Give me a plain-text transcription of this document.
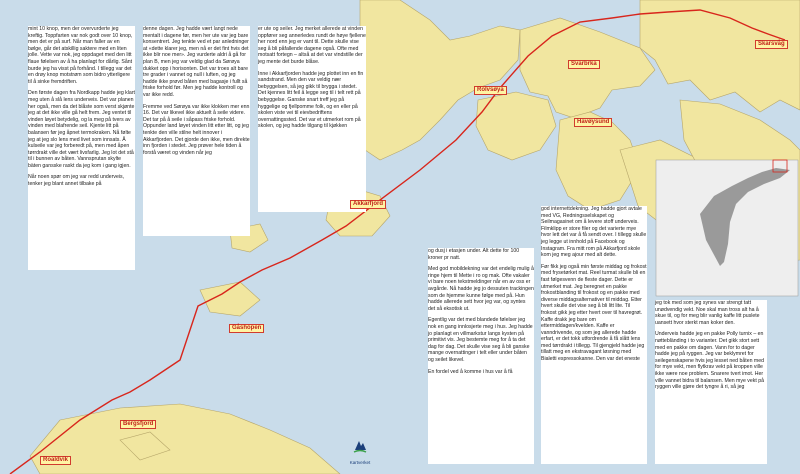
mint 10 knop, men der overvurderte jeg kreftig. Toppfarten var nok godt over 10 knop, men det er på surf. Når man faller av en bølge, går det atskillig saktere med en liten jolle. Vette var nok, jeg oppdaget med den litt flaue følelsen av å ha planlagt for dårlig. Sånt burde jeg ha visst på forhånd. I tillegg var det en drøy knop motstrøm som bidro ytterligere til å sinke fremdriften.

Den første dagen fra Nordkapp hadde jeg klart meg uten å slå lens underveis. Det var planen her også, men da det blåste som verst skjønte jeg at det ikke ville gå helt frem. Jeg ventet til vinden løyet betydelig, og la meg på tvers av vinden med blafrende seil. Kjente litt på balansen før jeg åpnet termokraken. Nå følte jeg at jeg slo lens med livet som innsats. Å kulseile var jeg forberedt på, men med åpen tørrdrakt ville det vært livsfarlig. Jeg lot det stå til i bunnen av båten. Vannsprutan skylte bäten gansske raskt da jeg kom i gang igjen.

Når noen spør om jeg var redd underveis, tenker jeg blant annet tilbake på

denne dagen. Jeg hadde vært langt nede mentalt i dagene før, men her ute var jeg bare konsentrert. Jeg tenkte ved et par anledninger at «dette klarer jeg, men nå er det fint hvis det ikke blir noe mer». Jeg vurderte aldri å gå for plan B, men jeg var veldig glad da Sørøya dukket opp i horisonten. Det var troes alt bare tre grader i vannet og null i luften, og jeg hadde ikke prøvd båten med bagasje i fullt så friske forhold før. Men jeg hadde kontroll og var ikke redd.

Fremme ved Sørøya var ikke klokken mer enn 16. Det var likevel ikke aktuelt å seile videre. Det tar på å seile i såpass friske forhold. Oppunder land løyet vinden litt etter litt, og jeg tenkte den ville stilne helt innover i Akkarfjorden. Det gjorde den ikke, men direkte inn fjorden i stedet. Jeg prøver hele tiden å forstå været og vinden når jeg

er ute og seiler. Jeg merket allerede at vinden oppfører seg annerledes rundt de høye fjellene her nord enn jeg er vant til. Dette skulle vise seg å bli påfallende dagene også. Ofte med motsatt fortegn – altså at det var vindstille der jeg mente det burde blåse.

Inne i Akkarfjorden hadde jeg plottet inn en fin sandstrand. Men den var veldig nær bebyggelsen, så jeg gikk til brygga i stedet. Det kjennes litt feil å legge seg til i telt rett på bebyggelse. Ganske snart treff jeg på hyggelige og fjellpomme folk, og en eller på skolen viste vei til eievbedriftens overnattingssted. Det var et utmerket rom på skolen, og jeg hadde tilgang til kjøkken

og dusj i etasjen under. Alt dette for 100 kroner pr natt.

Med god mobildekning var det endelig mulig å ringe hjem til Mette i ro og mak. Ofte vakaler vi bare noen tekstmeldinger når en av oss er avgårde. Nå hadde jeg jo dessuten trackingen som de hjemme kunne følge med på. Hun hadde allerede sett hvor jeg var, og syntes det så eksotisk ut.

Egentlig var det med blandede følelser jeg nok en gang innlosjerte meg i hus. Jeg hadde jo planlagt en villmarkstur langs kysten på primitivt vis. Jeg bestemte meg for å ta det dag for dag. Det skulle vise seg å bli ganske mange overnattinger i telt eller under båten og seilet likevel.

En fordel ved å komme i hus var å få

god internettdekning. Jeg hadde gjort avtale med VG, Redningsselskapet og Seilmagasinet om å levere stoff underveis. Filmklipp er store filer og det varierte mye hvor lett det var å få sendt over. I tillegg skulle jeg legge ut innhold på Facebook og Instagram. Fra mitt rom på Akkarfjord skole kom jeg meg ajour med alt dette.

Før fikk jeg også min første middag og frokost med frysetørket mat. Reel turmat skulle bli en fast følgesvenn de fleste dager. Dette er utmerket mat. Jeg beregnet en pakke frokostblanding til frokost og en pakke med diverse middagsalternativer til middag. Etter hvert skulle det vise seg å bli litt lite. Til frokost gikk jeg etter hvert over til havregrøt. Kaffe drakk jeg bare om ettermiddagen/kvelden. Kaffe er vanndrivende, og som jeg allerede hadde erfart, er det tokk utfordrende å få slått lens med tørrdrakt i tillegg. Til gjengjeld hadde jeg tillatt meg en ekstravagant løsning med Bialetti espressokanne. Den var det eneste

jeg tok med som jeg synes var strengt tatt unødvendig vekt. Noe skal man tross alt ha å skue til, og for meg blir vanlig kaffe litt puslete uansett hvor sterkt man koker den.

Underveis hadde jeg en pakke Polly turnix – en nøttebländing i to varianter. Det gikk stort sett med en pakke om dagen. Vann for to dager hadde jeg på ryggen. Jeg var beklymret for seilegenskapene hvis jeg lesset ned båten med for mye vekt, men flytkrav vekt på kroppen ville ikke være noe problem. Snarere tvert imot. Her ville vannet bidra til balansen. Men mye vekt på ryggen ville gjøre det tyngre å ri, så jeg

Skarsvåg
Svarbrka
Rolvsøya
Havøysund
Akkarfjord
Gåshopen
Bergsfjord
Roaldvik	Kartverket
